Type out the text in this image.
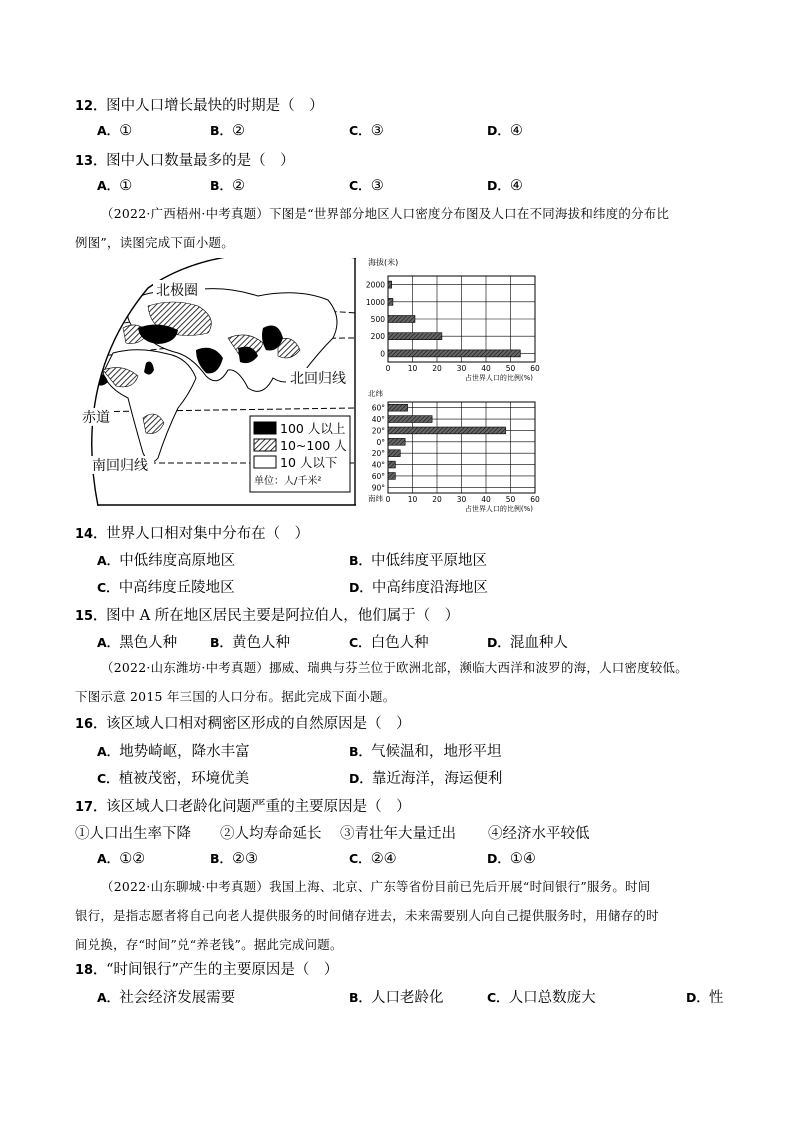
12．图中人口增长最快的时期是（　）
A．①	B．②	C．③	D．④
13．图中人口数量最多的是（　）
A．①	B．②	C．③	D．④
（2022·广西梧州·中考真题）下图是“世界部分地区人口密度分布图及人口在不同海拔和纬度的分布比
例图”，读图完成下面小题。
北极圈
A
北回归线
赤道
南回归线
100 人以上
10~100 人
10 人以下
单位：人/千米²
海拔(米)
0 10 20 30 40 50 60
2000
1000
500
200
0
占世界人口的比例(%)
北纬
南纬 0 10 20 30 40 50 60
60°
40°
20°
0°
20°
40°
60°
90°
占世界人口的比例(%)
14．世界人口相对集中分布在（　）
A．中低纬度高原地区	B．中低纬度平原地区
C．中高纬度丘陵地区	D．中高纬度沿海地区
15．图中 A 所在地区居民主要是阿拉伯人，他们属于（　）
A．黑色人种	B．黄色人种	C．白色人种	D．混血种人
（2022·山东潍坊·中考真题）挪威、瑞典与芬兰位于欧洲北部，濒临大西洋和波罗的海，人口密度较低。
下图示意 2015 年三国的人口分布。据此完成下面小题。
16．该区域人口相对稠密区形成的自然原因是（　）
A．地势崎岖，降水丰富	B．气候温和，地形平坦
C．植被茂密，环境优美	D．靠近海洋，海运便利
17．该区域人口老龄化问题严重的主要原因是（　）
①人口出生率下降 ②人均寿命延长 ③青壮年大量迁出 ④经济水平较低
A．①②	B．②③	C．②④	D．①④
（2022·山东聊城·中考真题）我国上海、北京、广东等省份目前已先后开展“时间银行”服务。时间
银行，是指志愿者将自己向老人提供服务的时间储存进去，未来需要别人向自己提供服务时，用储存的时
间兑换，存“时间”兑“养老钱”。据此完成问题。
18．“时间银行”产生的主要原因是（　）
A．社会经济发展需要	B．人口老龄化	C．人口总数庞大	D．性
